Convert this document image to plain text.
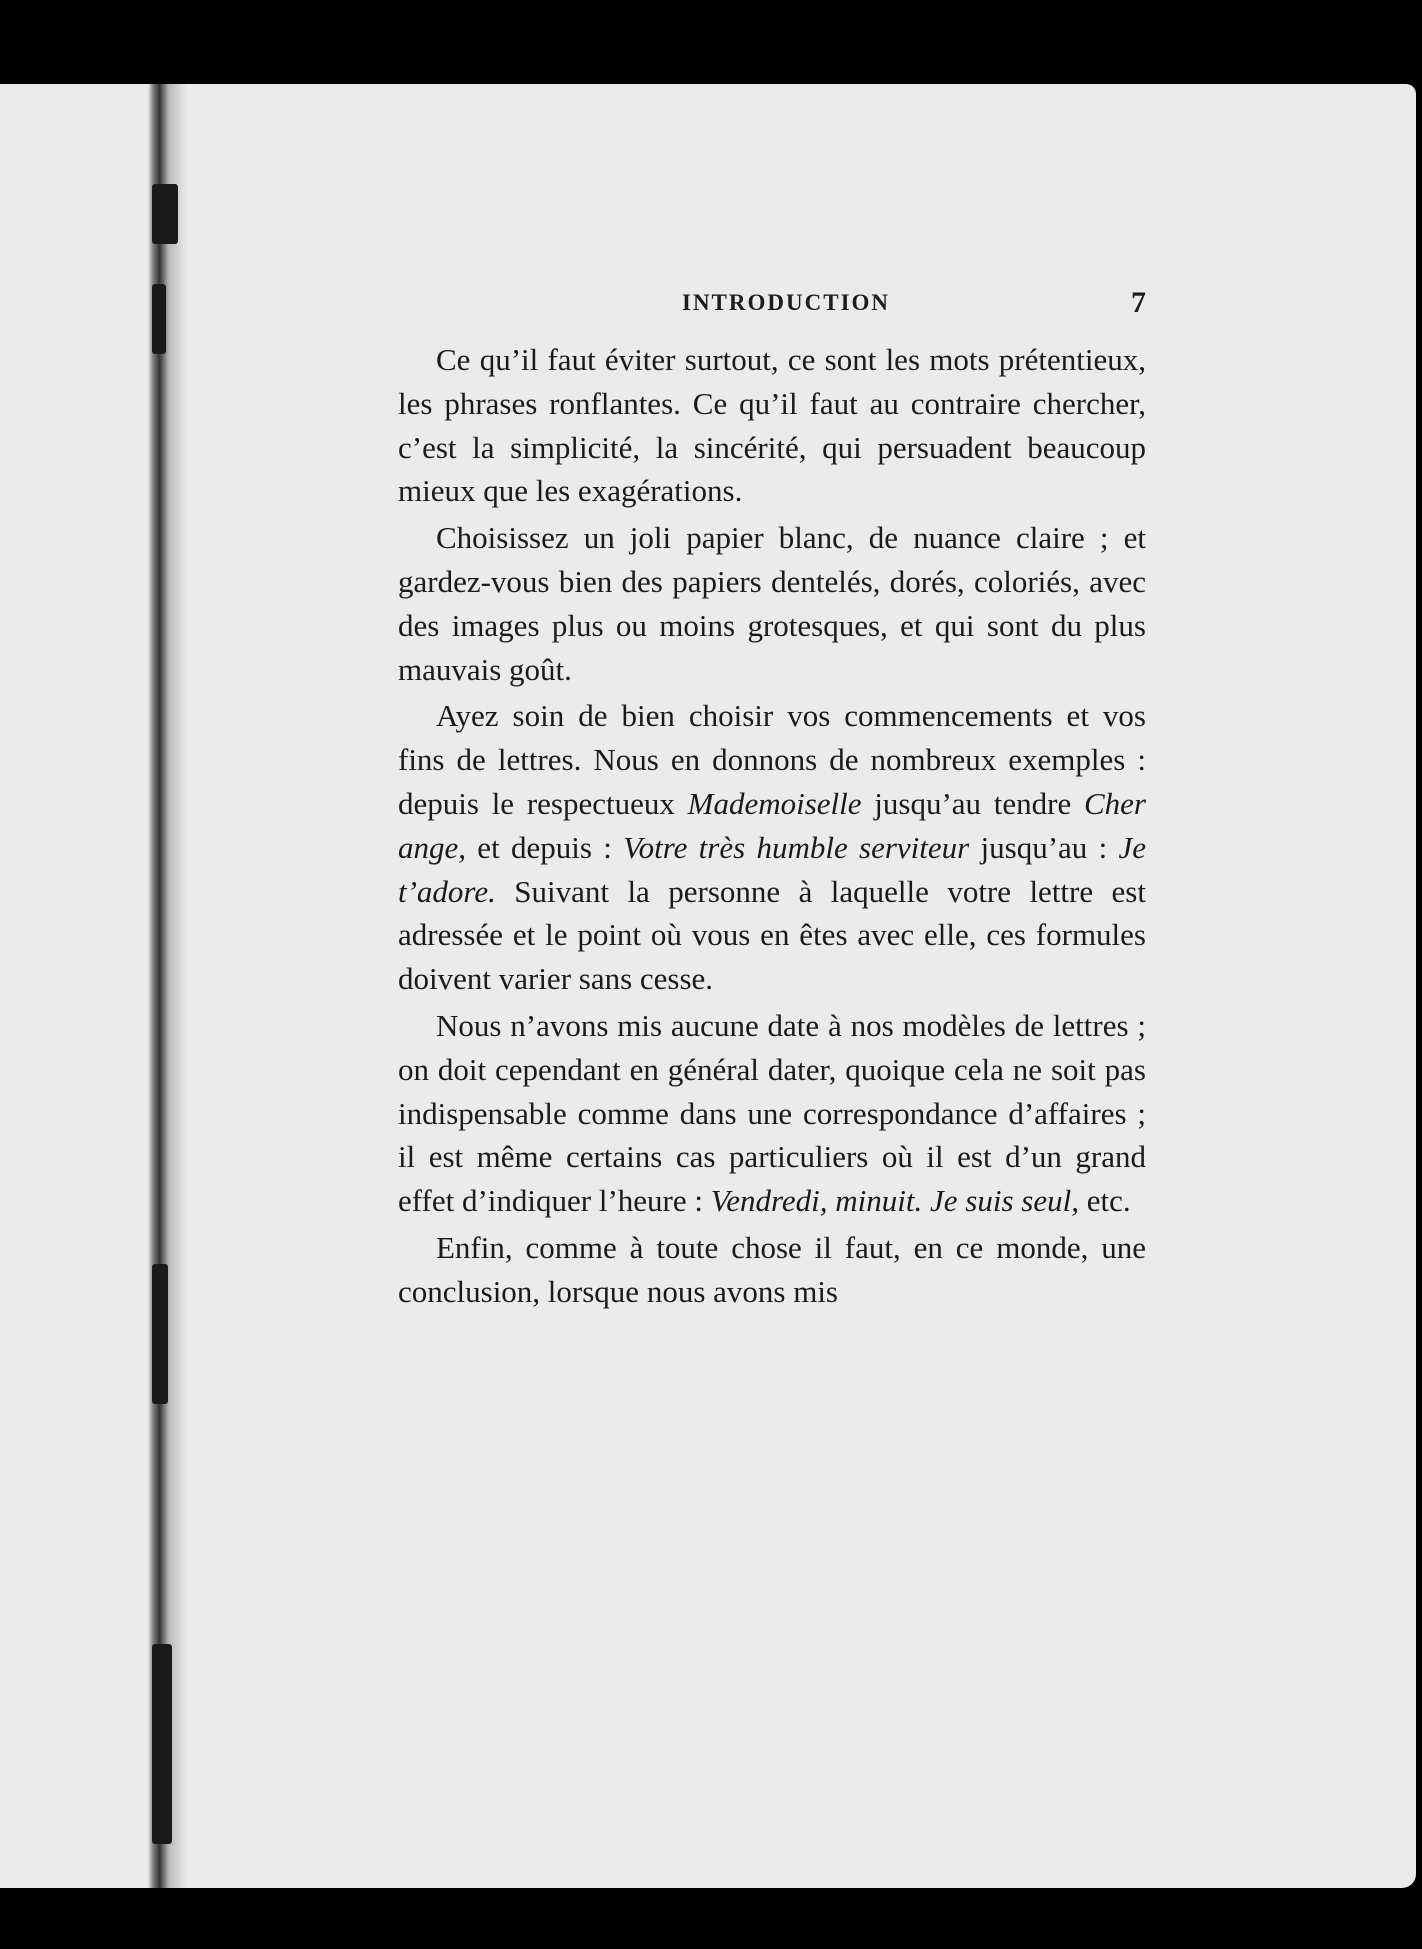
INTRODUCTION	7

Ce qu’il faut éviter surtout, ce sont les mots prétentieux, les phrases ronflantes. Ce qu’il faut au contraire chercher, c’est la simplicité, la sincérité, qui persuadent beaucoup mieux que les exagérations.

Choisissez un joli papier blanc, de nuance claire ; et gardez-vous bien des papiers dentelés, dorés, coloriés, avec des images plus ou moins grotesques, et qui sont du plus mauvais goût.

Ayez soin de bien choisir vos commencements et vos fins de lettres. Nous en donnons de nombreux exemples : depuis le respectueux Mademoiselle jusqu’au tendre Cher ange, et depuis : Votre très humble serviteur jusqu’au : Je t’adore. Suivant la personne à laquelle votre lettre est adressée et le point où vous en êtes avec elle, ces formules doivent varier sans cesse.

Nous n’avons mis aucune date à nos modèles de lettres ; on doit cependant en général dater, quoique cela ne soit pas indispensable comme dans une correspondance d’affaires ; il est même certains cas particuliers où il est d’un grand effet d’indiquer l’heure : Vendredi, minuit. Je suis seul, etc.

Enfin, comme à toute chose il faut, en ce monde, une conclusion, lorsque nous avons mis
